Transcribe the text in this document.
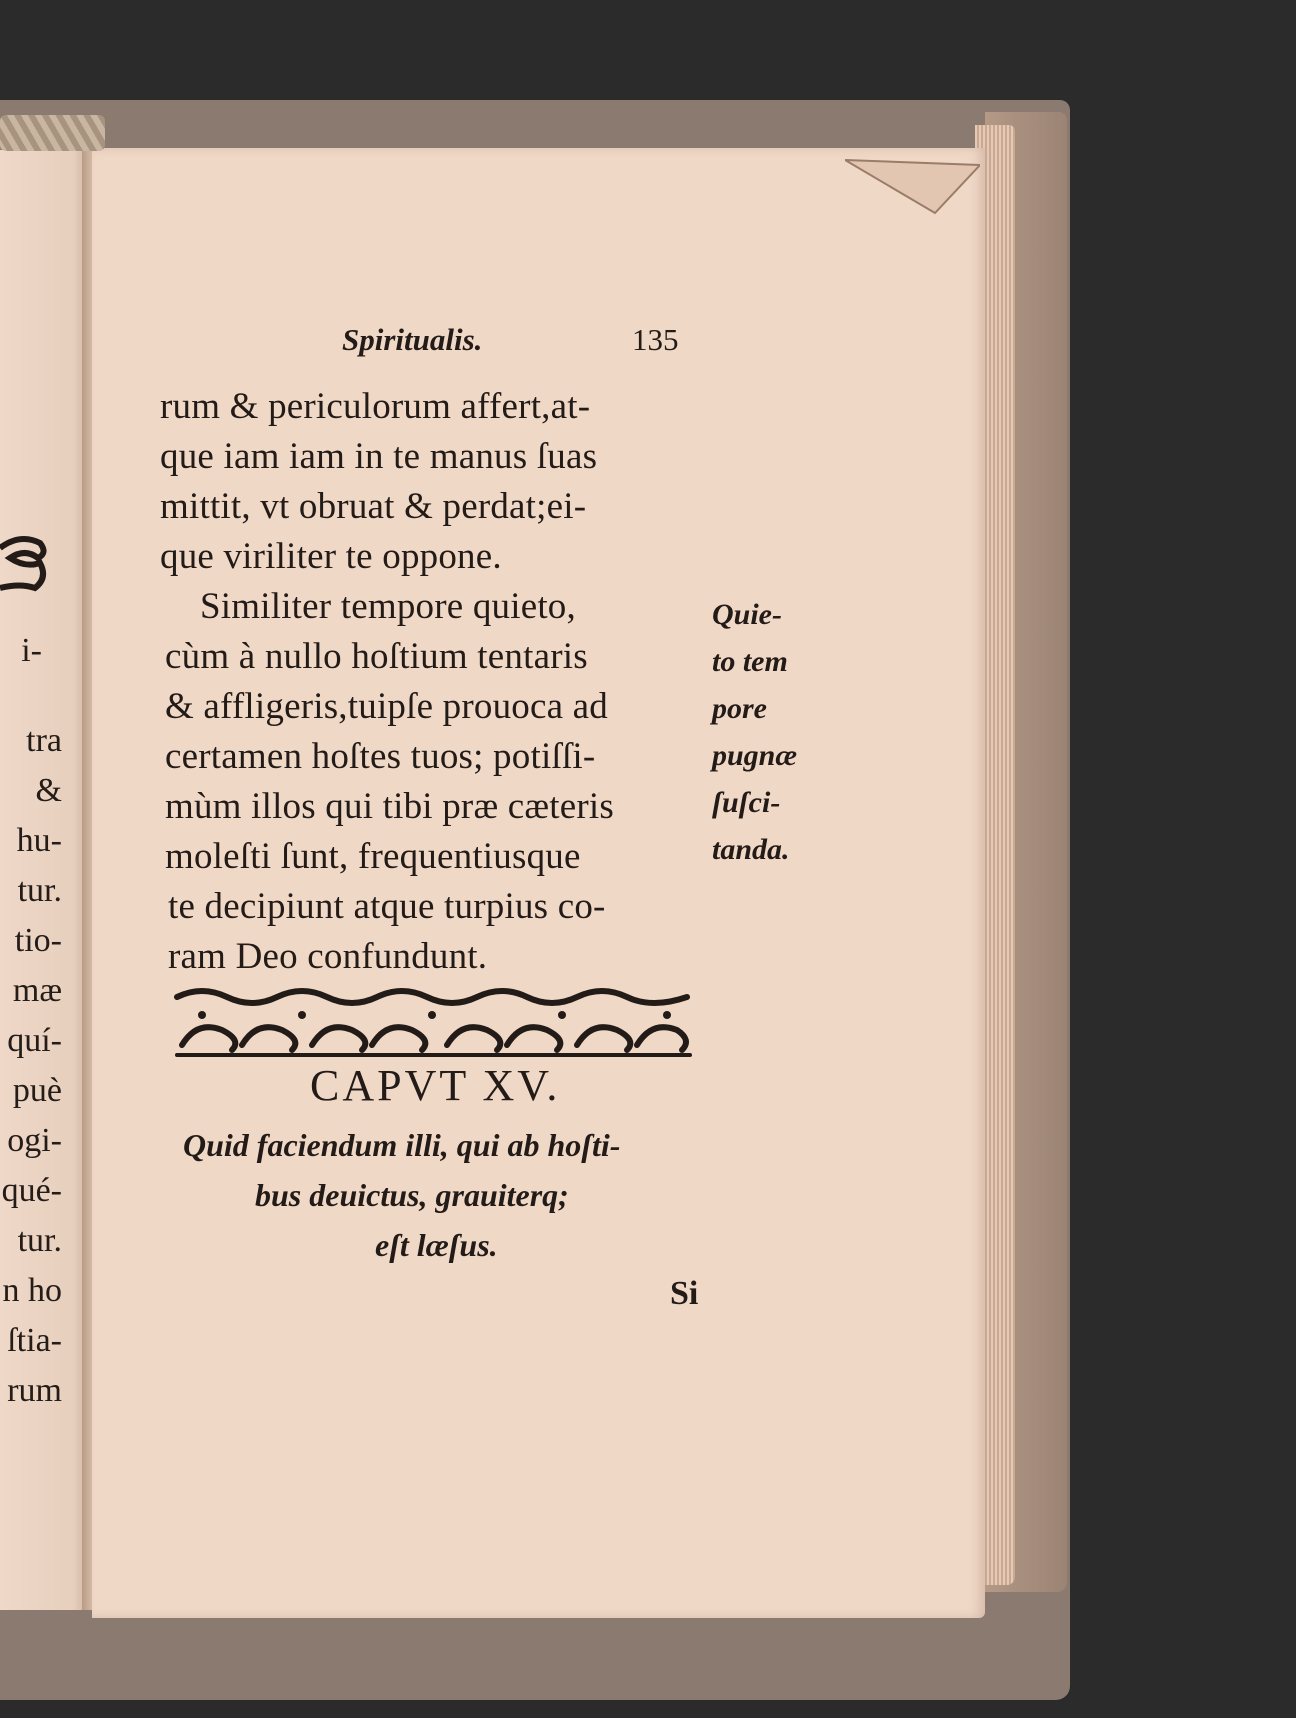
i-
tra
&
hu-
tur.
tio-
mæ
quí-
puè
ogi-
qué-
tur.
n ho
ſtia-
rum
Spiritualis.	135
rum & periculorum affert,at-
que iam iam in te manus ſuas
mittit, vt obruat & perdat;ei-
que viriliter te oppone.
Similiter tempore quieto,
cùm à nullo hoſtium tentaris
& affligeris,tuipſe prouoca ad
certamen hoſtes tuos; potiſſi-
mùm illos qui tibi præ cæteris
moleſti ſunt, frequentiusque
te decipiunt atque turpius co-
ram Deo confundunt.
Quie-
to tem
pore
pugnæ
ſuſci-
tanda.
CAPVT XV.
Quid faciendum illi, qui ab hoſti-
bus deuictus, grauiterq;
eſt læſus.
Si
